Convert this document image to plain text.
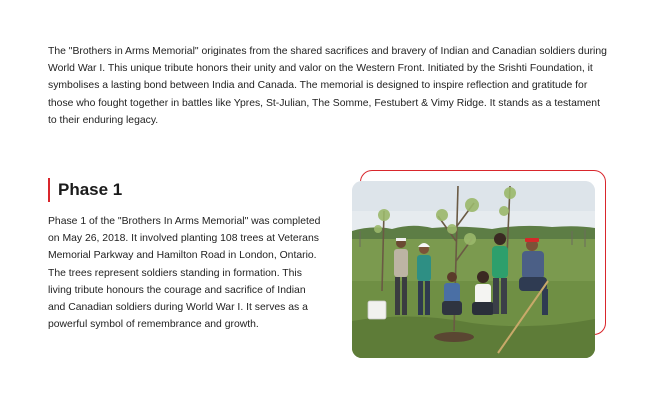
The "Brothers in Arms Memorial" originates from the shared sacrifices and bravery of Indian and Canadian soldiers during World War I. This unique tribute honors their unity and valor on the Western Front. Initiated by the Srishti Foundation, it symbolises a lasting bond between India and Canada. The memorial is designed to inspire reflection and gratitude for those who fought together in battles like Ypres, St-Julian, The Somme, Festubert & Vimy Ridge. It stands as a testament to their enduring legacy.

Phase 1

Phase 1 of the "Brothers In Arms Memorial" was completed on May 26, 2018. It involved planting 108 trees at Veterans Memorial Parkway and Hamilton Road in London, Ontario. The trees represent soldiers standing in formation. This living tribute honours the courage and sacrifice of Indian and Canadian soldiers during World War I. It serves as a powerful symbol of remembrance and growth.
